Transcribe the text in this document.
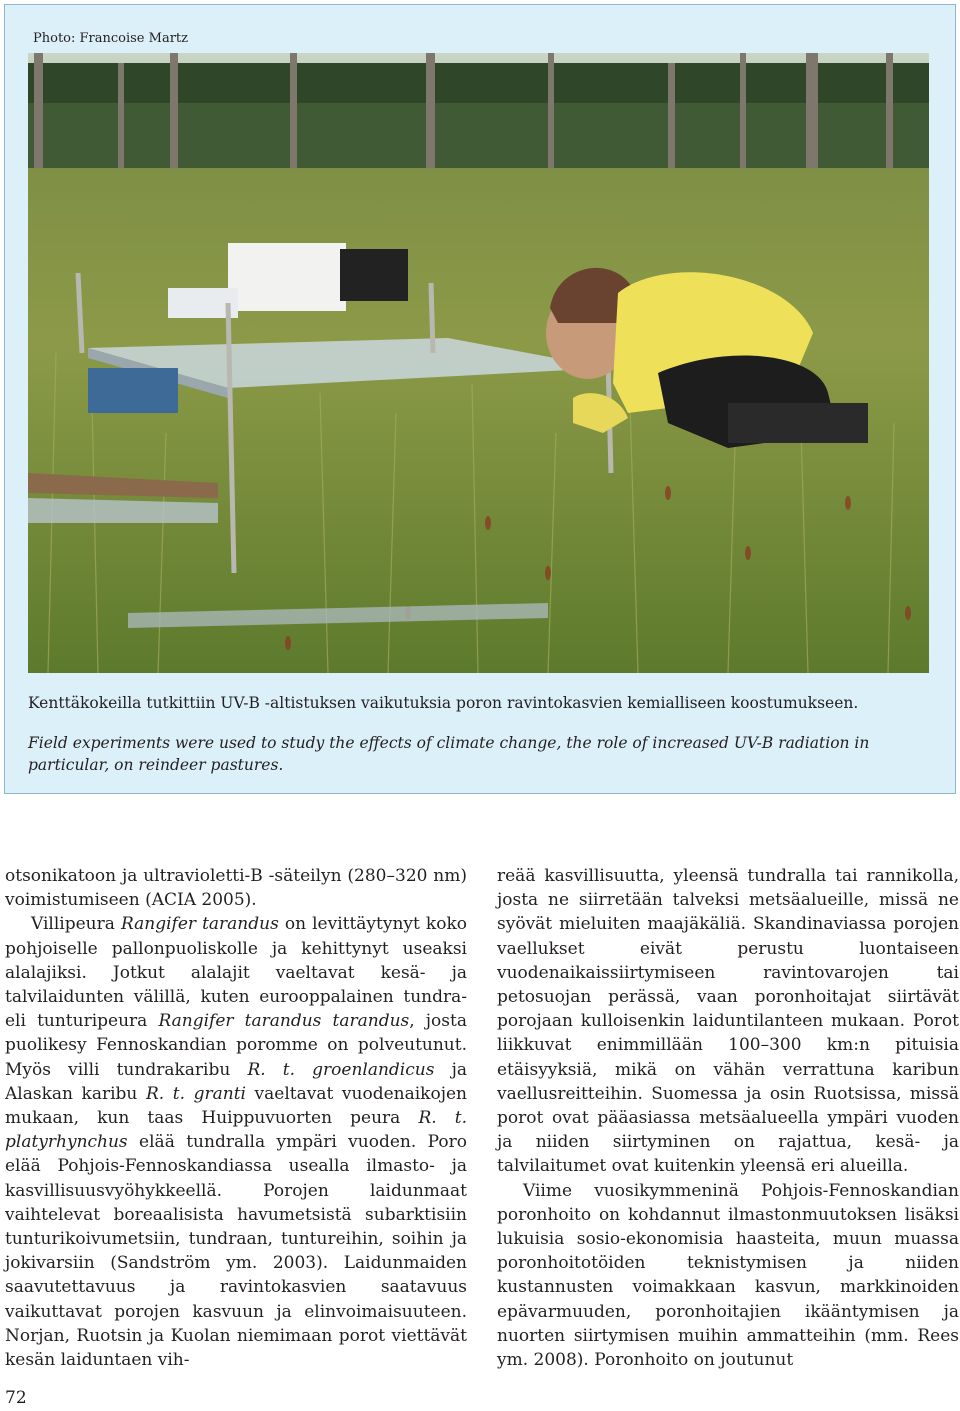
Photo: Francoise Martz

Kenttäkokeilla tutkittiin UV-B -altistuksen vaikutuksia poron ravintokasvien kemialliseen koostumukseen.

Field experiments were used to study the effects of climate change, the role of increased UV-B radiation in particular, on reindeer pastures.

otsonikatoon ja ultravioletti-B -säteilyn (280–320 nm) voimistumiseen (ACIA 2005).

Villipeura Rangifer tarandus on levittäytynyt koko pohjoiselle pallonpuoliskolle ja kehittynyt useaksi alalajiksi. Jotkut alalajit vaeltavat kesä- ja talvilaidunten välillä, kuten eurooppalainen tundra- eli tunturipeura Rangifer tarandus tarandus, josta puolikesy Fennoskandian poromme on polveutunut. Myös villi tundrakaribu R. t. groenlandicus ja Alaskan karibu R. t. granti vaeltavat vuodenaikojen mukaan, kun taas Huippuvuorten peura R. t. platyrhynchus elää tundralla ympäri vuoden. Poro elää Pohjois-Fennoskandiassa usealla ilmasto- ja kasvillisuusvyöhykkeellä. Porojen laidunmaat vaihtelevat boreaalisista havumetsistä subarktisiin tunturikoivumetsiin, tundraan, tuntureihin, soihin ja jokivarsiin (Sandström ym. 2003). Laidunmaiden saavutettavuus ja ravintokasvien saatavuus vaikuttavat porojen kasvuun ja elinvoimaisuuteen. Norjan, Ruotsin ja Kuolan niemimaan porot viettävät kesän laiduntaen vih-

reää kasvillisuutta, yleensä tundralla tai rannikolla, josta ne siirretään talveksi metsäalueille, missä ne syövät mieluiten maajäkäliä. Skandinaviassa porojen vaellukset eivät perustu luontaiseen vuodenaikaissiirtymiseen ravintovarojen tai petosuojan perässä, vaan poronhoitajat siirtävät porojaan kulloisenkin laiduntilanteen mukaan. Porot liikkuvat enimmillään 100–300 km:n pituisia etäisyyksiä, mikä on vähän verrattuna karibun vaellusreitteihin. Suomessa ja osin Ruotsissa, missä porot ovat pääasiassa metsäalueella ympäri vuoden ja niiden siirtyminen on rajattua, kesä- ja talvilaitumet ovat kuitenkin yleensä eri alueilla.

Viime vuosikymmeninä Pohjois-Fennoskandian poronhoito on kohdannut ilmastonmuutoksen lisäksi lukuisia sosio-ekonomisia haasteita, muun muassa poronhoitotöiden teknistymisen ja niiden kustannusten voimakkaan kasvun, markkinoiden epävarmuuden, poronhoitajien ikääntymisen ja nuorten siirtymisen muihin ammatteihin (mm. Rees ym. 2008). Poronhoito on joutunut

72
